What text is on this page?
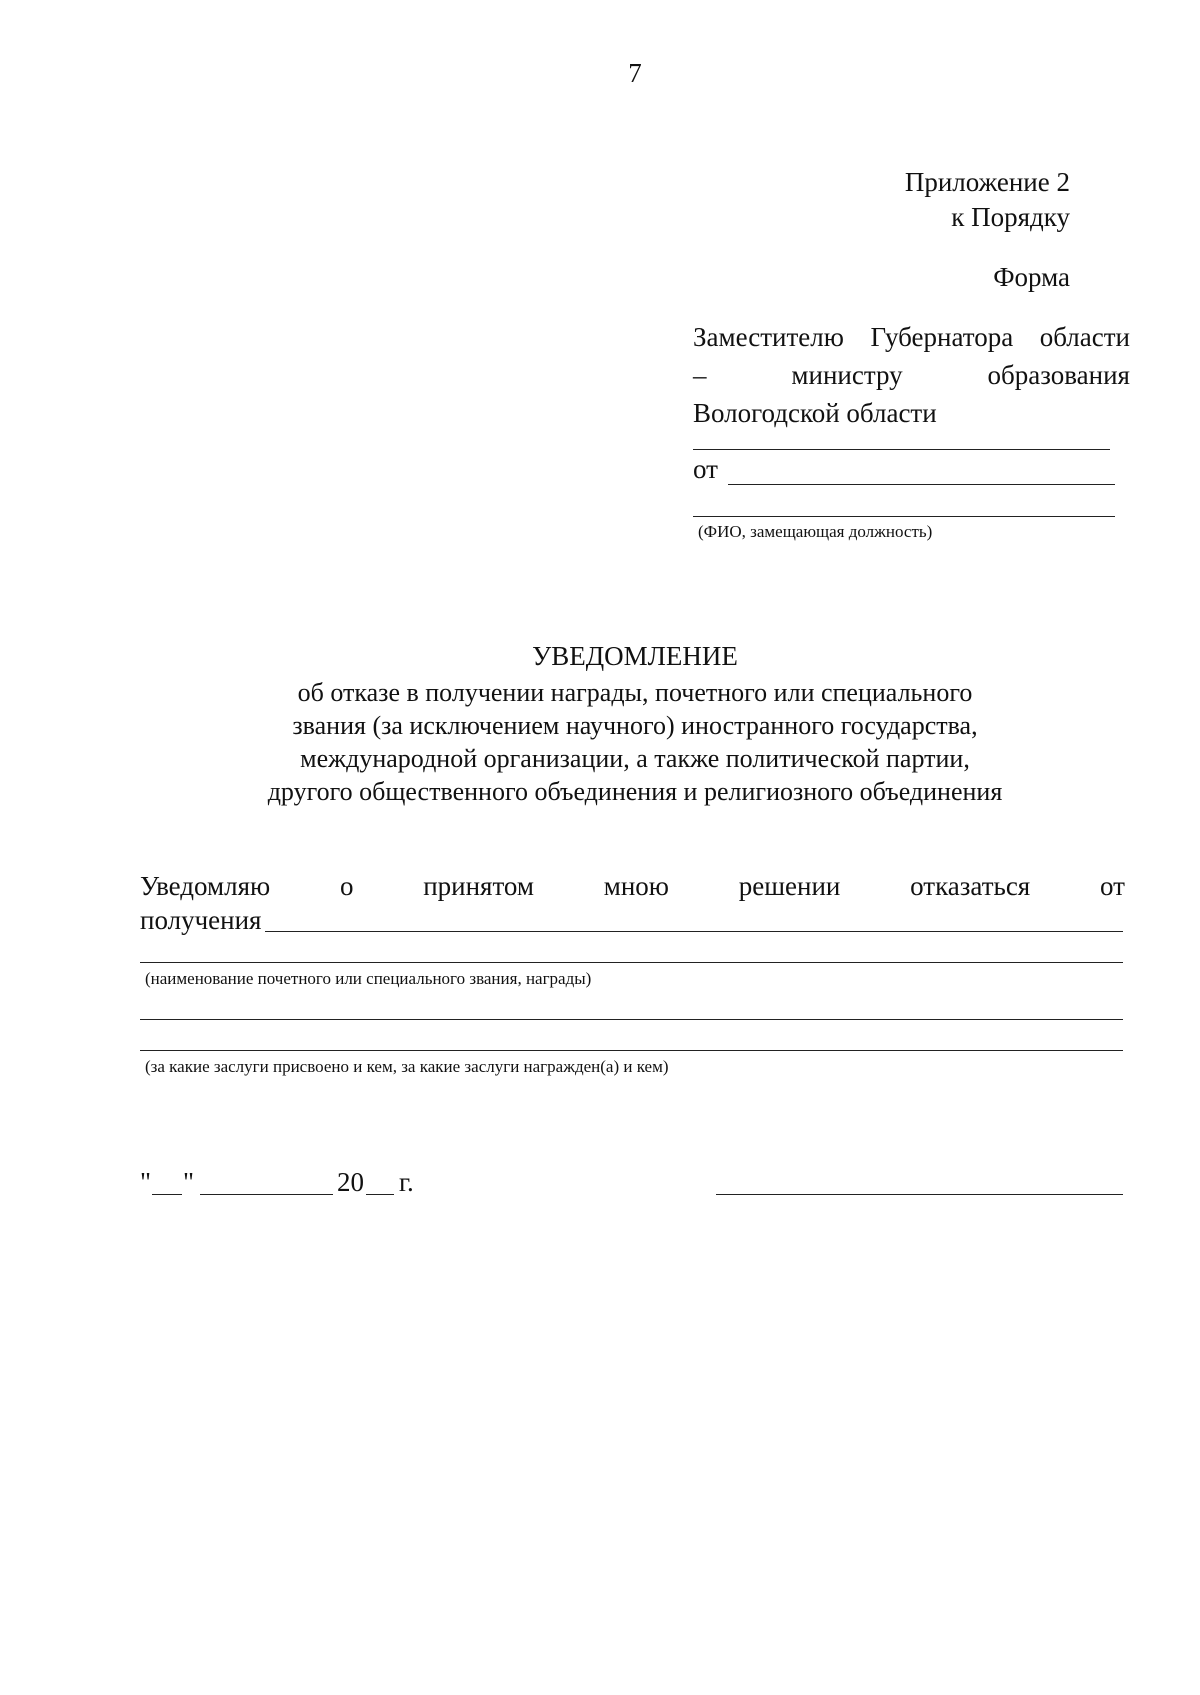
7
Приложение 2
к Порядку
Форма
Заместителю Губернатора области
–	министру	образования
Вологодской области
от
(ФИО, замещающая должность)
УВЕДОМЛЕНИЕ
об отказе в получении награды, почетного или специального
звания (за исключением научного) иностранного государства,
международной организации, а также политической партии,
другого общественного объединения и религиозного объединения
Уведомляю	о	принятом	мною	решении	отказаться	от
получения
(наименование почетного или специального звания, награды)
(за какие заслуги присвоено и кем, за какие заслуги награжден(а) и кем)
" "	20 г.
